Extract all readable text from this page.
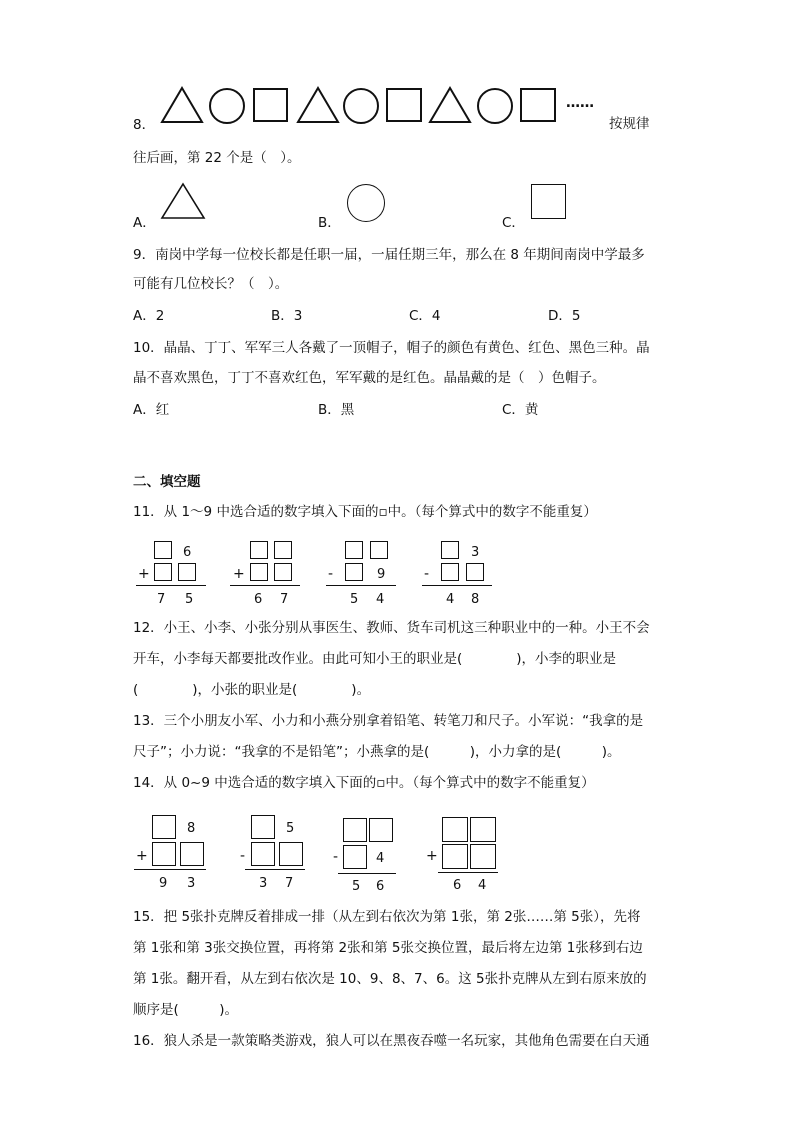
8．
……
按规律
往后画，第 22 个是（　）。
A．	B．	C．
9．南岗中学每一位校长都是任职一届，一届任期三年，那么在 8 年期间南岗中学最多
可能有几位校长？（　）。
A．2	B．3	C．4	D．5
10．晶晶、丁丁、军军三人各戴了一顶帽子，帽子的颜色有黄色、红色、黑色三种。晶
晶不喜欢黑色，丁丁不喜欢红色，军军戴的是红色。晶晶戴的是（　）色帽子。
A．红	B．黑	C．黄
二、填空题
11．从 1～9 中选合适的数字填入下面的▫中。（每个算式中的数字不能重复）
6
+
7 5
+
6 7
-	9
5 4
3
-
4 8
12．小王、小李、小张分别从事医生、教师、货车司机这三种职业中的一种。小王不会
开车，小李每天都要批改作业。由此可知小王的职业是(　　　　)，小李的职业是
(　　　　)，小张的职业是(　　　　)。
13．三个小朋友小军、小力和小燕分别拿着铅笔、转笔刀和尺子。小军说：“我拿的是
尺子”；小力说：“我拿的不是铅笔”；小燕拿的是(　　　)，小力拿的是(　　　)。
14．从 0~9 中选合适的数字填入下面的▫中。（每个算式中的数字不能重复）
8
+
9 3
5
-
3 7
-	4
5 6
+
6 4
15．把 5张扑克牌反着排成一排（从左到右依次为第 1张，第 2张……第 5张），先将
第 1张和第 3张交换位置，再将第 2张和第 5张交换位置，最后将左边第 1张移到右边
第 1张。翻开看，从左到右依次是 10、9、8、7、6。这 5张扑克牌从左到右原来放的
顺序是(　　　)。
16．狼人杀是一款策略类游戏，狼人可以在黑夜吞噬一名玩家，其他角色需要在白天通
